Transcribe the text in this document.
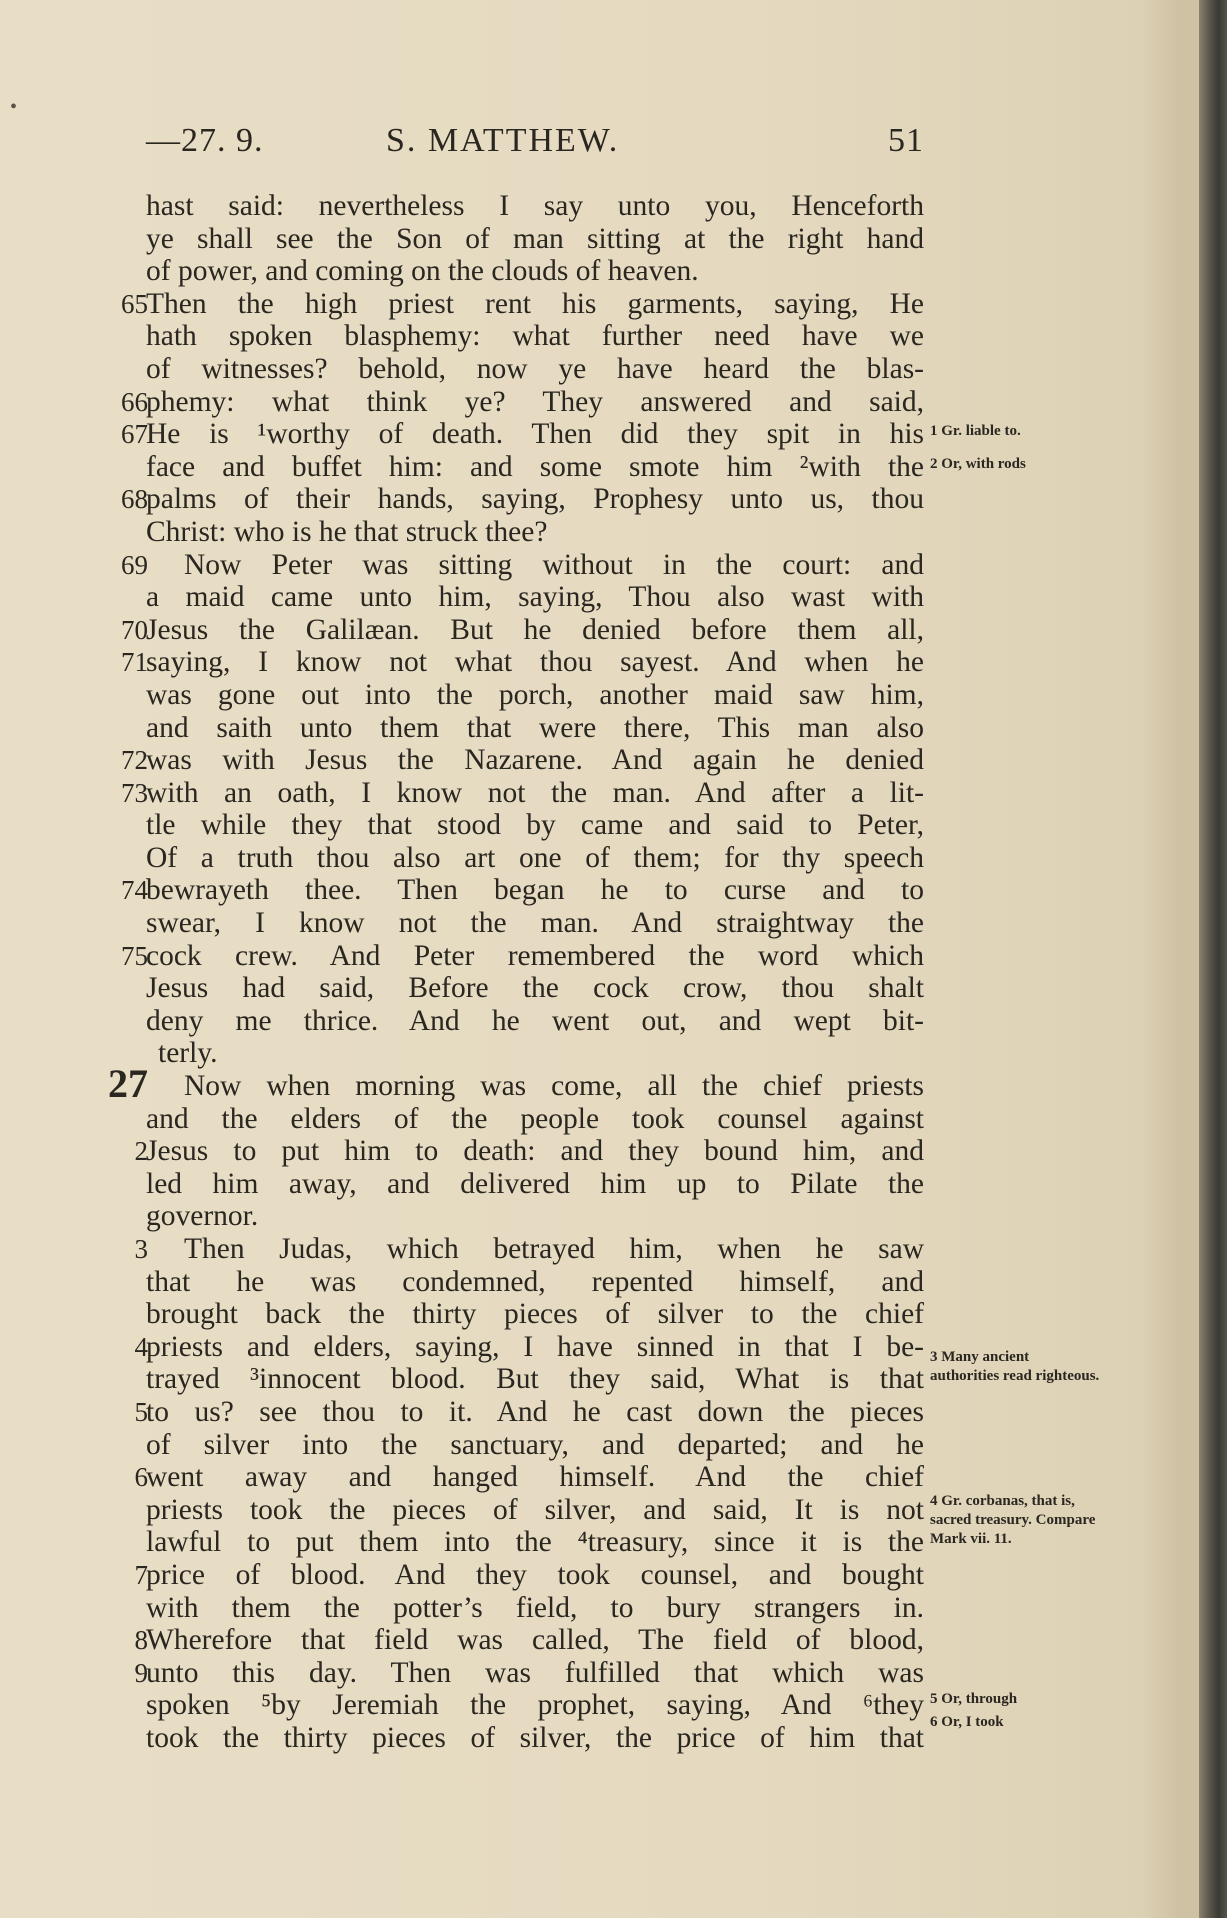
•
—27. 9.	S. MATTHEW.	51
hast said: nevertheless I say unto you, Henceforth
ye shall see the Son of man sitting at the right hand
of power, and coming on the clouds of heaven.
65
Then the high priest rent his garments, saying, He
hath spoken blasphemy: what further need have we
of witnesses? behold, now ye have heard the blas-
66
phemy: what think ye? They answered and said,
67
He is ¹worthy of death. Then did they spit in his
face and buffet him: and some smote him ²with the
68
palms of their hands, saying, Prophesy unto us, thou
Christ: who is he that struck thee?
69 Now Peter was sitting without in the court: and
a maid came unto him, saying, Thou also wast with
70
Jesus the Galilæan. But he denied before them all,
71
saying, I know not what thou sayest. And when he
was gone out into the porch, another maid saw him,
and saith unto them that were there, This man also
72
was with Jesus the Nazarene. And again he denied
73
with an oath, I know not the man. And after a lit-
tle while they that stood by came and said to Peter,
Of a truth thou also art one of them; for thy speech
74
bewrayeth thee. Then began he to curse and to
swear, I know not the man. And straightway the
75
cock crew. And Peter remembered the word which
Jesus had said, Before the cock crow, thou shalt
deny me thrice. And he went out, and wept bit-
terly.
27 Now when morning was come, all the chief priests
and the elders of the people took counsel against
2
Jesus to put him to death: and they bound him, and
led him away, and delivered him up to Pilate the
governor.
3 Then Judas, which betrayed him, when he saw
that he was condemned, repented himself, and
brought back the thirty pieces of silver to the chief
4
priests and elders, saying, I have sinned in that I be-
trayed ³innocent blood. But they said, What is that
5
to us? see thou to it. And he cast down the pieces
of silver into the sanctuary, and departed; and he
6
went away and hanged himself. And the chief
priests took the pieces of silver, and said, It is not
lawful to put them into the ⁴treasury, since it is the
7
price of blood. And they took counsel, and bought
with them the potter’s field, to bury strangers in.
8
Wherefore that field was called, The field of blood,
9
unto this day. Then was fulfilled that which was
spoken ⁵by Jeremiah the prophet, saying, And ⁶they
took the thirty pieces of silver, the price of him that
1 Gr. liable to.
2 Or, with rods
3 Many ancient authorities read righteous.
4 Gr. corbanas, that is, sacred treasury. Compare Mark vii. 11.
5 Or, through
6 Or, I took
